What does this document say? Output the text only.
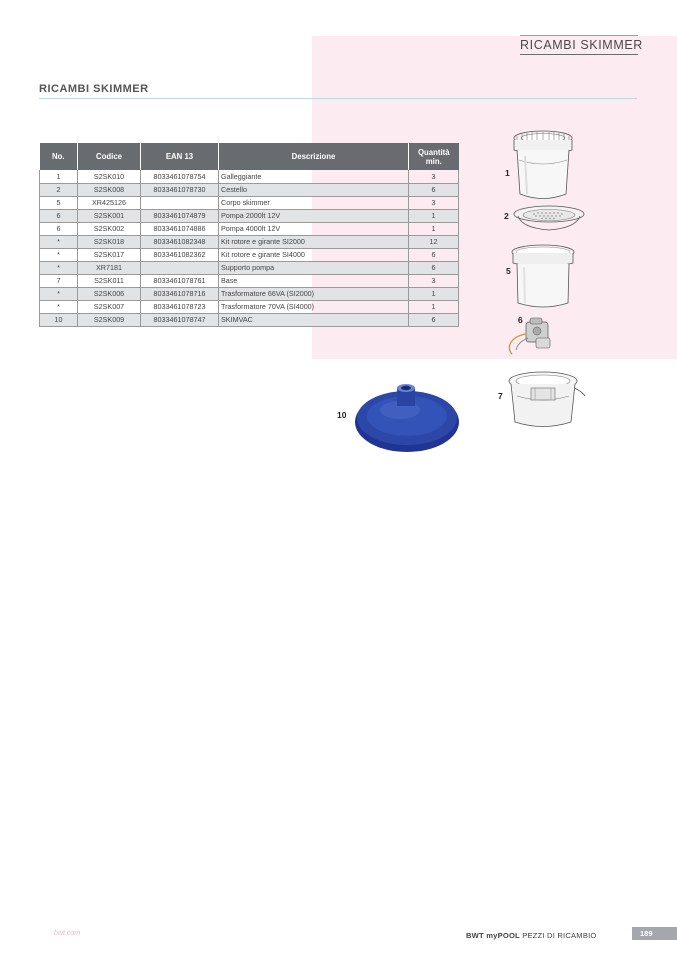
RICAMBI SKIMMER
RICAMBI SKIMMER
No.	Codice	EAN 13	Descrizione	Quantità min.
1	S2SK010	8033461078754	Galleggiante	3
2	S2SK008	8033461078730	Cestello	6
5	XR425126		Corpo skimmer	3
6	S2SK001	8033461074879	Pompa 2000lt 12V	1
6	S2SK002	8033461074886	Pompa 4000lt 12V	1
*	S2SK018	8033461082348	Kit rotore e girante SI2000	12
*	S2SK017	8033461082362	Kit rotore e girante SI4000	6
*	XR7181		Supporto pompa	6
7	S2SK011	8033461078761	Base	3
*	S2SK006	8033461078716	Trasformatore 66VA (SI2000)	1
*	S2SK007	8033461078723	Trasformatore 70VA (SI4000)	1
10	S2SK009	8033461078747	SKIMVAC	6
1
2
5
6
7
10
bwt.com	BWT myPOOL PEZZI DI RICAMBIO	189
